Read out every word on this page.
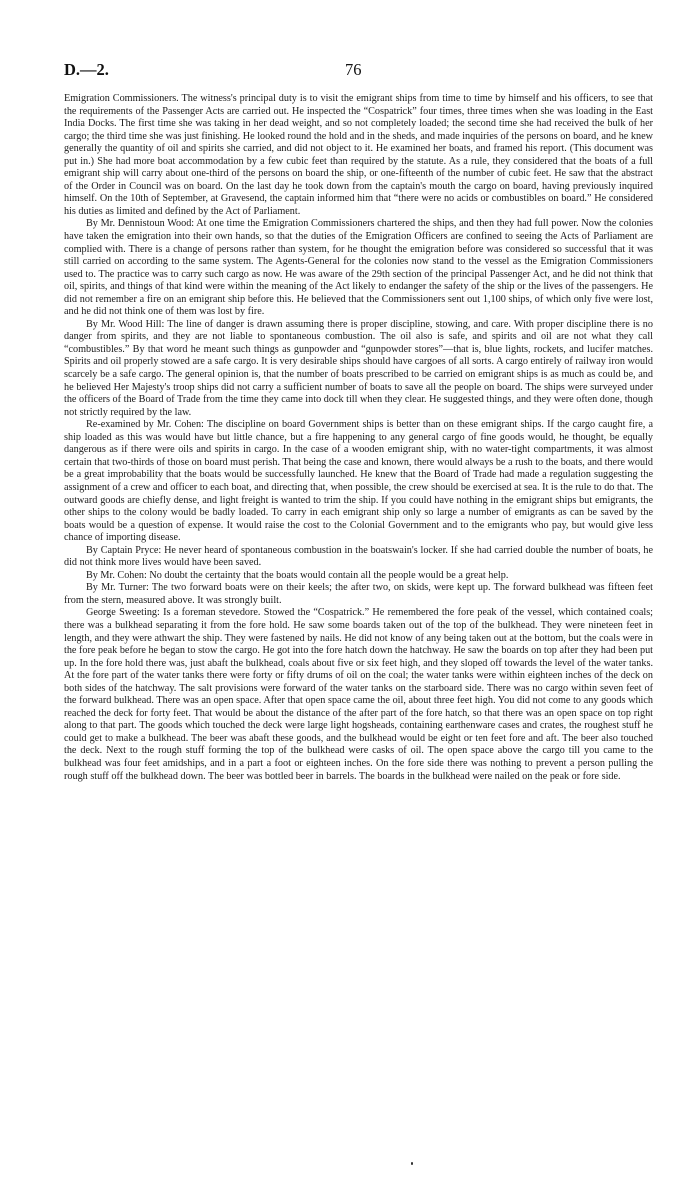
D.—2.	76

Emigration Commissioners. The witness's principal duty is to visit the emigrant ships from time to time by himself and his officers, to see that the requirements of the Passenger Acts are carried out. He inspected the “Cospatrick” four times, three times when she was loading in the East India Docks. The first time she was taking in her dead weight, and so not completely loaded; the second time she had received the bulk of her cargo; the third time she was just finishing. He looked round the hold and in the sheds, and made inquiries of the persons on board, and he knew generally the quantity of oil and spirits she carried, and did not object to it. He examined her boats, and framed his report. (This document was put in.) She had more boat accommodation by a few cubic feet than required by the statute. As a rule, they considered that the boats of a full emigrant ship will carry about one-third of the persons on board the ship, or one-fifteenth of the number of cubic feet. He saw that the abstract of the Order in Council was on board. On the last day he took down from the captain's mouth the cargo on board, having previously inquired himself. On the 10th of September, at Gravesend, the captain informed him that “there were no acids or combustibles on board.” He considered his duties as limited and defined by the Act of Parliament.

By Mr. Dennistoun Wood: At one time the Emigration Commissioners chartered the ships, and then they had full power. Now the colonies have taken the emigration into their own hands, so that the duties of the Emigration Officers are confined to seeing the Acts of Parliament are complied with. There is a change of persons rather than system, for he thought the emigration before was considered so successful that it was still carried on according to the same system. The Agents-General for the colonies now stand to the vessel as the Emigration Commissioners used to. The practice was to carry such cargo as now. He was aware of the 29th section of the principal Passenger Act, and he did not think that oil, spirits, and things of that kind were within the meaning of the Act likely to endanger the safety of the ship or the lives of the passengers. He did not remember a fire on an emigrant ship before this. He believed that the Commissioners sent out 1,100 ships, of which only five were lost, and he did not think one of them was lost by fire.

By Mr. Wood Hill: The line of danger is drawn assuming there is proper discipline, stowing, and care. With proper discipline there is no danger from spirits, and they are not liable to spontaneous combustion. The oil also is safe, and spirits and oil are not what they call “combustibles.” By that word he meant such things as gunpowder and “gunpowder stores”—that is, blue lights, rockets, and lucifer matches. Spirits and oil properly stowed are a safe cargo. It is very desirable ships should have cargoes of all sorts. A cargo entirely of railway iron would scarcely be a safe cargo. The general opinion is, that the number of boats prescribed to be carried on emigrant ships is as much as could be, and he believed Her Majesty's troop ships did not carry a sufficient number of boats to save all the people on board. The ships were surveyed under the officers of the Board of Trade from the time they came into dock till when they clear. He suggested things, and they were often done, though not strictly required by the law.

Re-examined by Mr. Cohen: The discipline on board Government ships is better than on these emigrant ships. If the cargo caught fire, a ship loaded as this was would have but little chance, but a fire happening to any general cargo of fine goods would, he thought, be equally dangerous as if there were oils and spirits in cargo. In the case of a wooden emigrant ship, with no water-tight compartments, it was almost certain that two-thirds of those on board must perish. That being the case and known, there would always be a rush to the boats, and there would be a great improbability that the boats would be successfully launched. He knew that the Board of Trade had made a regulation suggesting the assignment of a crew and officer to each boat, and directing that, when possible, the crew should be exercised at sea. It is the rule to do that. The outward goods are chiefly dense, and light freight is wanted to trim the ship. If you could have nothing in the emigrant ships but emigrants, the other ships to the colony would be badly loaded. To carry in each emigrant ship only so large a number of emigrants as can be saved by the boats would be a question of expense. It would raise the cost to the Colonial Government and to the emigrants who pay, but would give less chance of importing disease.

By Captain Pryce: He never heard of spontaneous combustion in the boatswain's locker. If she had carried double the number of boats, he did not think more lives would have been saved.

By Mr. Cohen: No doubt the certainty that the boats would contain all the people would be a great help.

By Mr. Turner: The two forward boats were on their keels; the after two, on skids, were kept up. The forward bulkhead was fifteen feet from the stern, measured above. It was strongly built.

George Sweeting: Is a foreman stevedore. Stowed the “Cospatrick.” He remembered the fore peak of the vessel, which contained coals; there was a bulkhead separating it from the fore hold. He saw some boards taken out of the top of the bulkhead. They were nineteen feet in length, and they were athwart the ship. They were fastened by nails. He did not know of any being taken out at the bottom, but the coals were in the fore peak before he began to stow the cargo. He got into the fore hatch down the hatchway. He saw the boards on top after they had been put up. In the fore hold there was, just abaft the bulkhead, coals about five or six feet high, and they sloped off towards the level of the water tanks. At the fore part of the water tanks there were forty or fifty drums of oil on the coal; the water tanks were within eighteen inches of the deck on both sides of the hatchway. The salt provisions were forward of the water tanks on the starboard side. There was no cargo within seven feet of the forward bulkhead. There was an open space. After that open space came the oil, about three feet high. You did not come to any goods which reached the deck for forty feet. That would be about the distance of the after part of the fore hatch, so that there was an open space on top right along to that part. The goods which touched the deck were large light hogsheads, containing earthenware cases and crates, the roughest stuff he could get to make a bulkhead. The beer was abaft these goods, and the bulkhead would be eight or ten feet fore and aft. The beer also touched the deck. Next to the rough stuff forming the top of the bulkhead were casks of oil. The open space above the cargo till you came to the bulkhead was four feet amidships, and in a part a foot or eighteen inches. On the fore side there was nothing to prevent a person pulling the rough stuff off the bulkhead down. The beer was bottled beer in barrels. The boards in the bulkhead were nailed on the peak or fore side.
